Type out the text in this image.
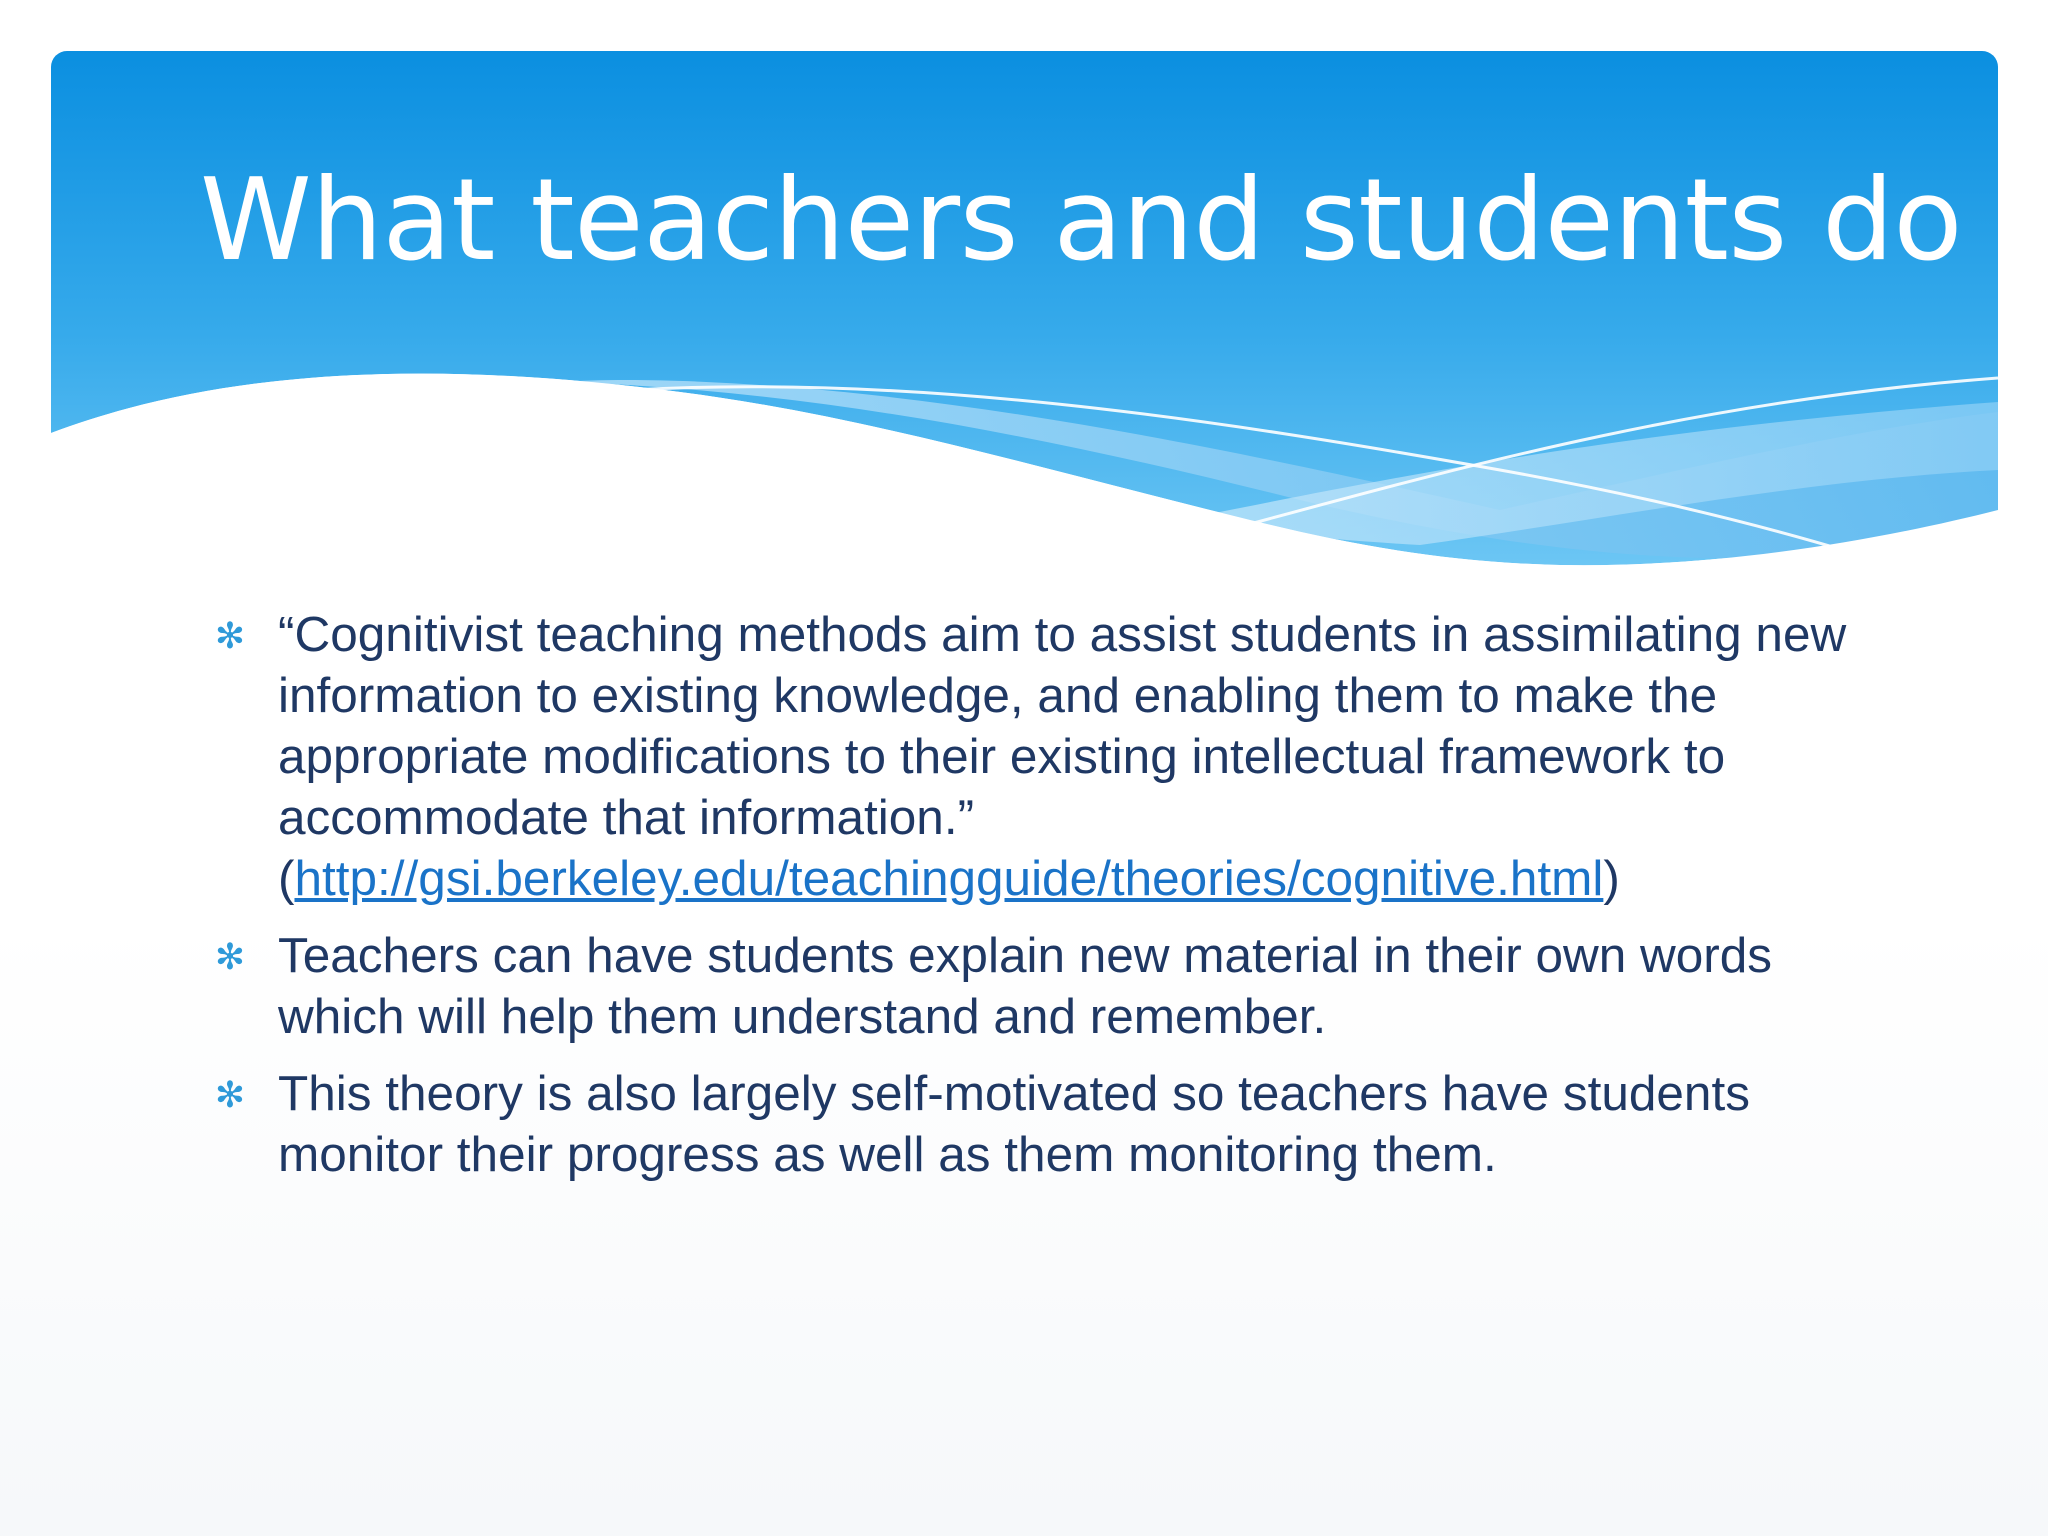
What teachers and students do
✻ “Cognitivist teaching methods aim to assist students in assimilating new information to existing knowledge, and enabling them to make the appropriate modifications to their existing intellectual framework to accommodate that information.” (http://gsi.berkeley.edu/teachingguide/theories/cognitive.html)
✻ Teachers can have students explain new material in their own words which will help them understand and remember.
✻ This theory is also largely self-motivated so teachers have students monitor their progress as well as them monitoring them.
